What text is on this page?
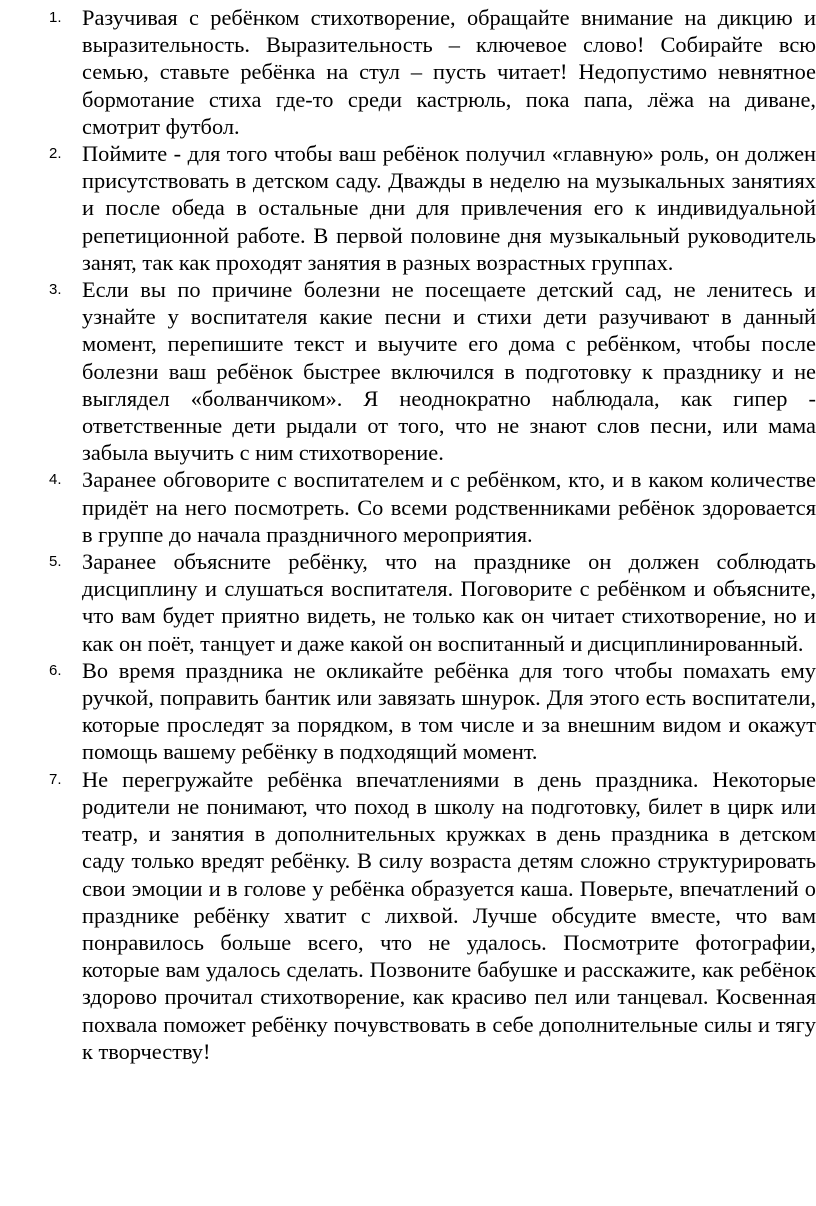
1. Разучивая с ребёнком стихотворение, обращайте внимание на дикцию и выразительность. Выразительность – ключевое слово! Собирайте всю семью, ставьте ребёнка на стул – пусть читает! Недопустимо невнятное бормотание стиха где-то среди кастрюль, пока папа, лёжа на диване, смотрит футбол.
2. Поймите - для того чтобы ваш ребёнок получил «главную» роль, он должен присутствовать в детском саду. Дважды в неделю на музыкальных занятиях и после обеда в остальные дни для привлечения его к индивидуальной репетиционной работе. В первой половине дня музыкальный руководитель занят, так как проходят занятия в разных возрастных группах.
3. Если вы по причине болезни не посещаете детский сад, не ленитесь и узнайте у воспитателя какие песни и стихи дети разучивают в данный момент, перепишите текст и выучите его дома с ребёнком, чтобы после болезни ваш ребёнок быстрее включился в подготовку к празднику и не выглядел «болванчиком». Я неоднократно наблюдала, как гипер - ответственные дети рыдали от того, что не знают слов песни, или мама забыла выучить с ним стихотворение.
4. Заранее обговорите с воспитателем и с ребёнком, кто, и в каком количестве придёт на него посмотреть. Со всеми родственниками ребёнок здоровается в группе до начала праздничного мероприятия.
5. Заранее объясните ребёнку, что на празднике он должен соблюдать дисциплину и слушаться воспитателя. Поговорите с ребёнком и объясните, что вам будет приятно видеть, не только как он читает стихотворение, но и как он поёт, танцует и даже какой он воспитанный и дисциплинированный.
6. Во время праздника не окликайте ребёнка для того чтобы помахать ему ручкой, поправить бантик или завязать шнурок. Для этого есть воспитатели, которые проследят за порядком, в том числе и за внешним видом и окажут помощь вашему ребёнку в подходящий момент.
7. Не перегружайте ребёнка впечатлениями в день праздника. Некоторые родители не понимают, что поход в школу на подготовку, билет в цирк или театр, и занятия в дополнительных кружках в день праздника в детском саду только вредят ребёнку. В силу возраста детям сложно структурировать свои эмоции и в голове у ребёнка образуется каша. Поверьте, впечатлений о празднике ребёнку хватит с лихвой. Лучше обсудите вместе, что вам понравилось больше всего, что не удалось. Посмотрите фотографии, которые вам удалось сделать. Позвоните бабушке и расскажите, как ребёнок здорово прочитал стихотворение, как красиво пел или танцевал. Косвенная похвала поможет ребёнку почувствовать в себе дополнительные силы и тягу к творчеству!
